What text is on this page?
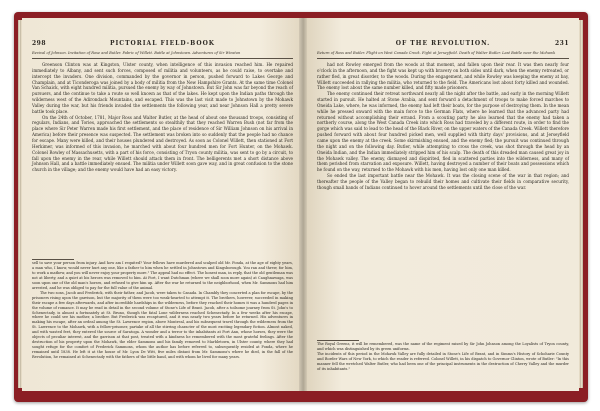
298	PICTORIAL FIELD-BOOK
Revival of Johnson. Invitation of Rose and Butler. Fabric of Willett. Battle at Johnstown. Adventures of Sir Winston

Greenson Clinton was at Kingston, Ulster county, when intelligence of this invasion reached him. He repaired immediately to Albany, and sent such forces, composed of militia and volunteers, as he could raise, to overtake and intercept the invaders. One division, commanded by the governor in person, pushed forward to Lakes George and Champlain, and at Ticonderoga was joined by a body of militia from the New Hampshire Grants. At the same time Colonel Van Schaick, with eight hundred militia, pursued the enemy by way of Johnstown. But Sir John was far beyond the reach of pursuers, and the continue to take a route so well known as that of the lakes. He kept upon the Indian paths through the wilderness west of the Adirondack Mountains, and escaped. This was the last visit made to Johnstown by the Mohawk Valley during the war, but his friends invaded the settlements the following year, and near Johnson Hall a pretty severe battle took place.

On the 24th of October, 1781, Major Ross and Walter Butler, at the head of about one thousand troops, consisting of regulars, Indians, and Tories, approached the settlements so stealthily that they reached Warren Bush (not far from the place where Sir Peter Warren made his first settlement, and the place of residence of Sir William Johnson on his arrival in America) before their presence was suspected. The settlement was broken into so suddenly that the people had no chance for escape. Many were killed, and their houses plundered and destroyed. As soon as Colonel Willett, then stationed at Fort Herkimer, was informed of this invasion, he marched with about four hundred men for Fort Hunter, on the Mohawk. Colonel Rowley of Massachusetts, with a part of his force, consisting of Tryon county militia, was sent to go by a circuit, to fall upon the enemy in the rear, while Willett should attack them in front. The belligerents met a short distance above Johnson Hall, and a battle immediately ensued. The militia under Willett soon gave way, and in great confusion to the stone church in the village; and the enemy would have had an easy victory.

sell to save your person from injury. And how am I requited? Your fellows have murdered and scalped old Mr. Fonda, at the age of eighty years, a man who, I know, would never hurt any one, like a father to him when he settled in Johnstown and Kingsborough. You ran and threw, for him, to work a mathew, and you will never enjoy your property more." The appeal had no effect. The honest man, in reply, that the old gentleman was not at liberty, and a quiet at his heroes was removed to him. At Fort, I want Dutchman (where we shall soon more again) at Caughnawaga, was soon upon one of the old man's horses, and refused to give him up. After the war he returned to the neighborhood, when Mr. Sammons had him arrested, and he was obliged to pay for the full value of the animal.
The two sons, Jacob and Frederick, with their father, and Jacob, were taken to Canada. In Chambly they concerted a plan for escape, by the prisoners rising upon the garrison, but the majority of them were too weak-hearted to attempt it. The brothers, however, succeeded in making their escape a few days afterwards, and after incredible hardships in the wilderness, before they reached their homes it was a hundred pages in the volume of romance. It may be read in detail in the second volume of Stone's Life of Brant. Jacob, after a toilsome journey from St. John's to Schenectady, is almost a fortunately at St. Bruno, though the fatal Lone wilderness reached Schenectady. In a few weeks after his escape, where he could see his mother, a brother. But Frederick was recaptured, and it was nearly two years before he returned. His adventures in making his escape, after an ordeal among the St. Lawrence region, above Montreal, and his subsequent travel through the wilderness from the St. Lawrence to the Mohawk, with a fellow-prisoner, partake of all the stirring character of the most exciting legendary fiction. Almost naked, and with wasted feet, they entered the source of Saratoga. A wonder and a terror to the inhabitants at Fort Ann, whose horses, they were the objects of peculiar interest, and the garrison at that post, treated with a kindness he remembered with the most grateful feelings. After the destruction of his property upon the Mohawk, the elder Sammons and his family removed to Marbletown, in Ulster county, where they had sought refuge for the comfort of Frederick Sammons, whom the author has before referred to, subsequently resided at Fonda, where he remained until 1838. He left it at the house of Mr. Lyon De Witt, five miles distant from Mr. Sammons's where he died, in the fall of the Revolution, he remained at Schenectady with the fathers of the little band, and with whom he lived for many years.
OF THE REVOLUTION.	231
Return of Ross and Butler. Flight on West Canada Creek. Fight at Jerseyfield. Death of Walter Butler. Last Battle near the Mohawk

had not Rowley emerged from the woods at that moment, and fallen upon their rear. It was then nearly four o'clock in the afternoon, and the fight was kept up with bravery on both sides until dark, when the enemy retreated, or rather fled, in great disorder, to the woods. During the engagement, and while Rowley was keeping the enemy at bay, Willett succeeded in rallying the militia, who returned to the field. The Americans lost about forty killed and wounded. The enemy lost about the same number killed, and fifty made prisoners.

The enemy continued their retreat northward nearly all the night after the battle, and early in the morning Willett started in pursuit. He halted at Stone Arabia, and sent forward a detachment of troops to make forced marches to Oneida Lake, where, he was informed, the enemy had left their boats, for the purpose of destroying them. In the mean while he pressed onward with the main force to the German Flats, where he learned that the advanced party had returned without accomplishing their errand. From a scouting party he also learned that the enemy had taken a northerly course, along the West Canada Creek into which Ross had traveled by a different route, in order to find the gorge which was said to lead to the head of the Black River, on the upper waters of the Canada Creek. Willett therefore pushed forward with about four hundred picked men, well supplied with thirty days' provisions, and at Jerseyfield came upon the enemy at the creek. Some skirmishing ensued, and the enemy fled; the pursuit was continued through the night and on the following day. Butler, while attempting to cross the creek, was shot through the head by an Oneida Indian, and the Indian immediately stripped him of his scalp. The death of this dreaded man caused great joy in the Mohawk valley. The enemy, dismayed and dispirited, fled in scattered parties into the wilderness, and many of them perished from starvation and exposure. Willett, having destroyed a number of their boats and possessions which he found on the way, returned to the Mohawk with his men, having lost only one man killed.

So ended the last important battle near the Mohawk. It was the closing scene of the war in that region; and thereafter the people of the Valley began to rebuild their homes and cultivate their fields in comparative security, though small bands of Indians continued to hover around the settlements until the close of the war.

The Royal Greens, it will be remembered, was the name of the regiment raised by Sir John Johnson among the Loyalists of Tryon county, and which was distinguished by its green uniforms.
The incidents of this period in the Mohawk Valley are fully detailed in Stone's Life of Brant, and in Simms's History of Schoharie County and Border Wars of New York, to which the reader is referred. Colonel Willett, in his dispatch to Governor Clinton, wrote of Butler: "In this manner fell the wretched Walter Butler, who had been one of the principal instruments in the destruction of Cherry Valley and the murder of its inhabitants."
